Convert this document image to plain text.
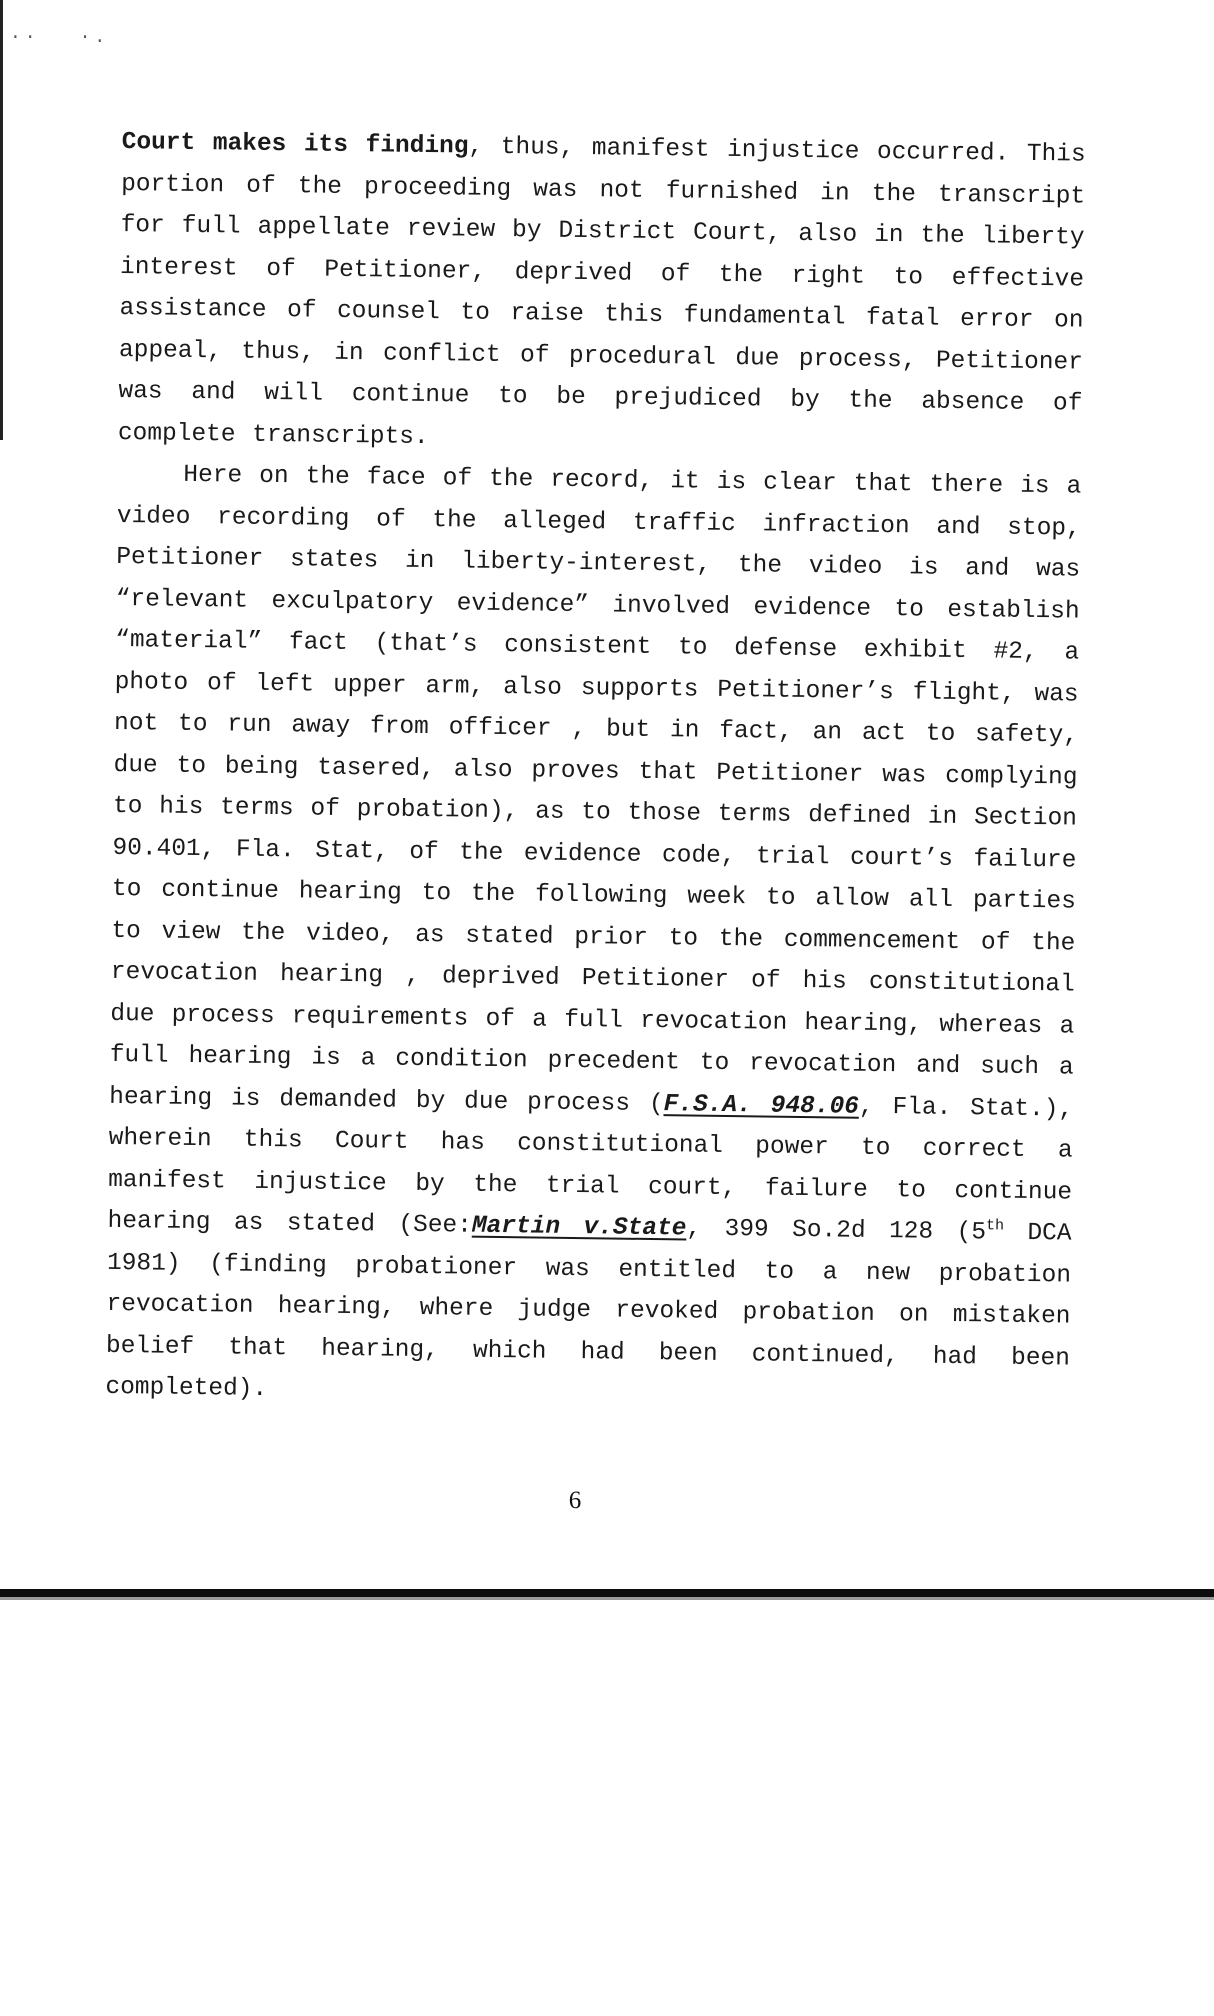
·· ·.

Court makes its finding, thus, manifest injustice occurred. This portion of the proceeding was not furnished in the transcript for full appellate review by District Court, also in the liberty interest of Petitioner, deprived of the right to effective assistance of counsel to raise this fundamental fatal error on appeal, thus, in conflict of procedural due process, Petitioner was and will continue to be prejudiced by the absence of complete transcripts.

Here on the face of the record, it is clear that there is a video recording of the alleged traffic infraction and stop, Petitioner states in liberty-interest, the video is and was “relevant exculpatory evidence” involved evidence to establish “material” fact (that’s consistent to defense exhibit #2, a photo of left upper arm, also supports Petitioner’s flight, was not to run away from officer , but in fact, an act to safety, due to being tasered, also proves that Petitioner was complying to his terms of probation), as to those terms defined in Section 90.401, Fla. Stat, of the evidence code, trial court’s failure to continue hearing to the following week to allow all parties to view the video, as stated prior to the commencement of the revocation hearing , deprived Petitioner of his constitutional due process requirements of a full revocation hearing, whereas a full hearing is a condition precedent to revocation and such a hearing is demanded by due process (F.S.A. 948.06, Fla. Stat.), wherein this Court has constitutional power to correct a manifest injustice by the trial court, failure to continue hearing as stated (See:Martin v.State, 399 So.2d 128 (5th DCA 1981) (finding probationer was entitled to a new probation revocation hearing, where judge revoked probation on mistaken belief that hearing, which had been continued, had been completed).

6
